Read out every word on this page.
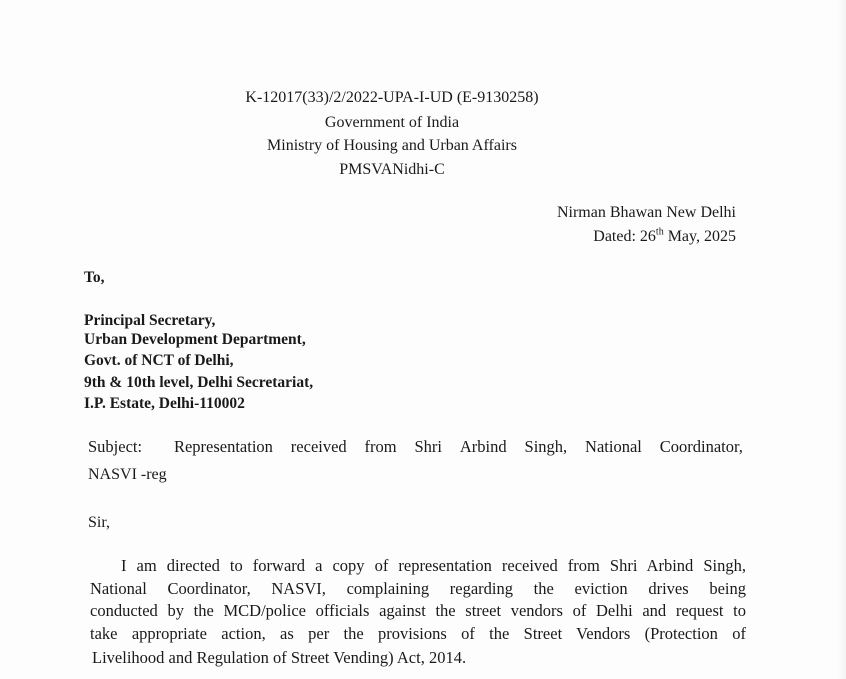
K-12017(33)/2/2022-UPA-I-UD (E-9130258)
Government of India
Ministry of Housing and Urban Affairs
PMSVANidhi-C
Nirman Bhawan New Delhi
Dated: 26th May, 2025
To,
Principal Secretary,
Urban Development Department,
Govt. of NCT of Delhi,
9th & 10th level, Delhi Secretariat,
I.P. Estate, Delhi-110002
Subject: Representation received from Shri Arbind Singh, National Coordinator,
NASVI -reg
Sir,
I am directed to forward a copy of representation received from Shri Arbind Singh,
National Coordinator, NASVI, complaining regarding the eviction drives being
conducted by the MCD/police officials against the street vendors of Delhi and request to
take appropriate action, as per the provisions of the Street Vendors (Protection of
Livelihood and Regulation of Street Vending) Act, 2014.
